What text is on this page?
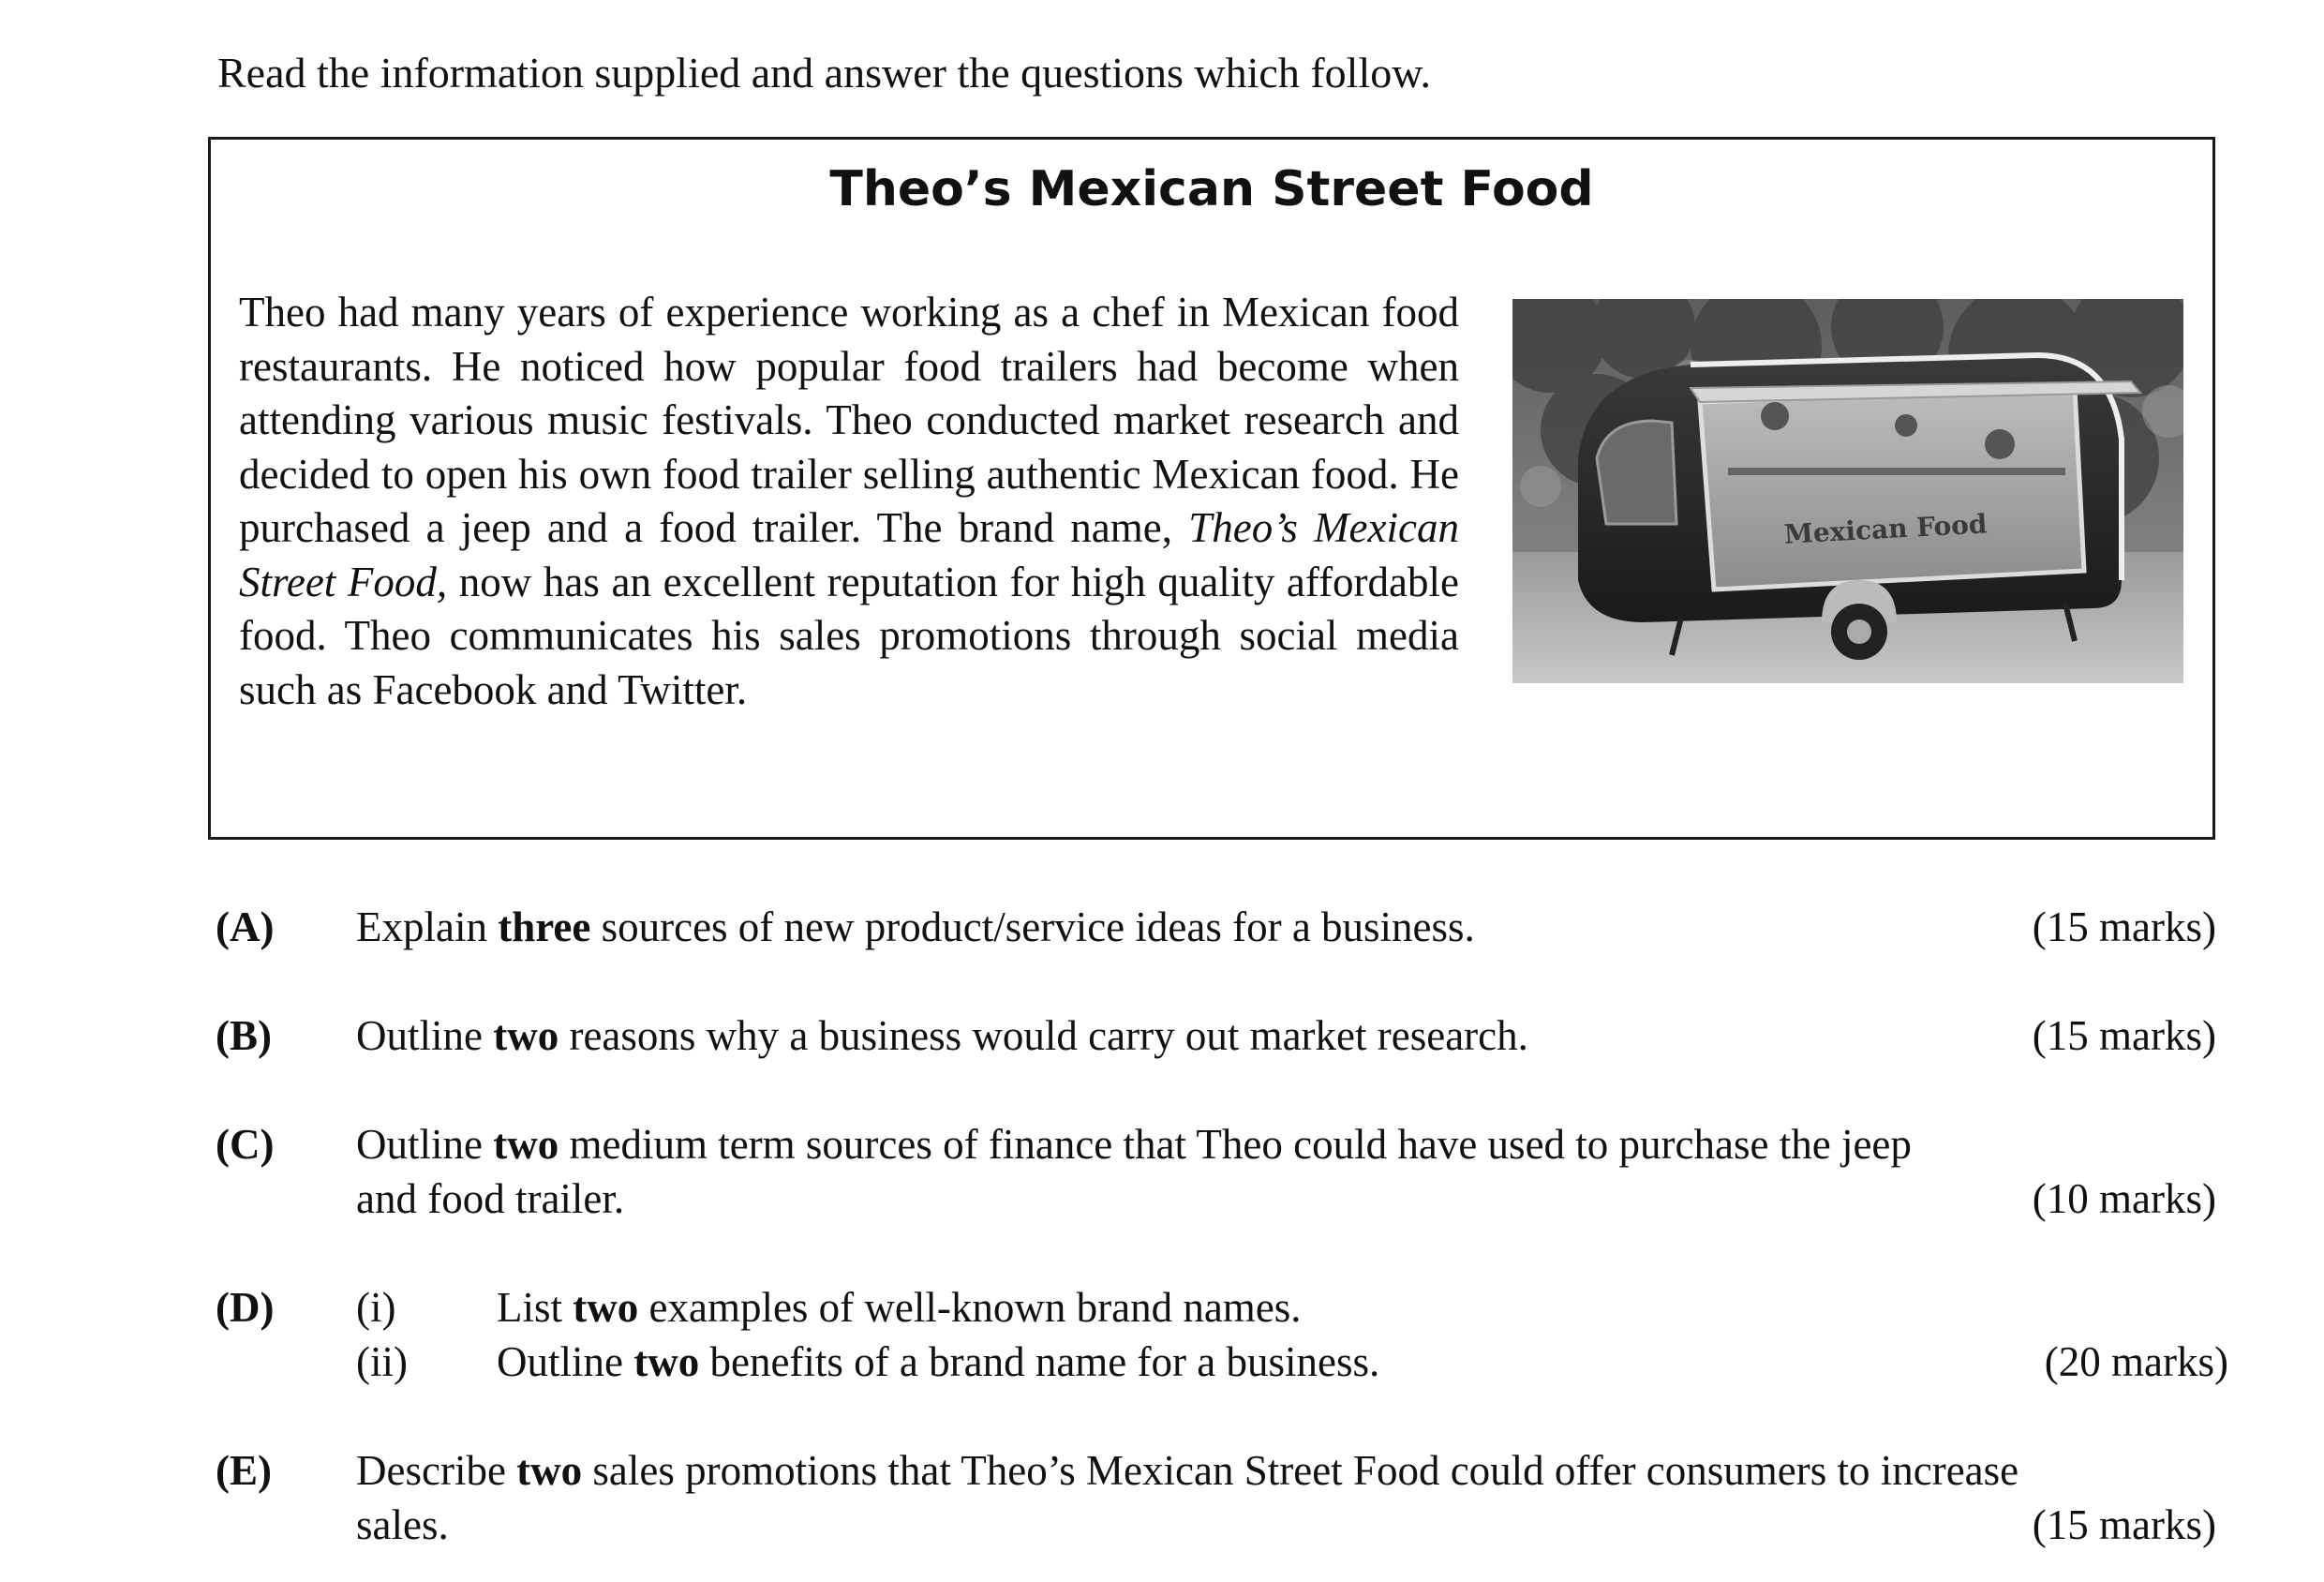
Read the information supplied and answer the questions which follow.

Theo’s Mexican Street Food

Theo had many years of experience working as a chef in Mexican food restaurants. He noticed how popular food trailers had become when attending various music festivals. Theo conducted market research and decided to open his own food trailer selling authentic Mexican food. He purchased a jeep and a food trailer. The brand name, Theo’s Mexican Street Food, now has an excellent reputation for high quality affordable food. Theo communicates his sales promotions through social media such as Facebook and Twitter.

Mexican Food
(A) Explain three sources of new product/service ideas for a business.	(15 marks)
(B) Outline two reasons why a business would carry out market research.	(15 marks)
(C) Outline two medium term sources of finance that Theo could have used to purchase the jeep

and food trailer.	(10 marks)
(D) (i) List two examples of well-known brand names.
(ii) Outline two benefits of a brand name for a business.	(20 marks)
(E) Describe two sales promotions that Theo’s Mexican Street Food could offer consumers to increase

sales.	(15 marks)
